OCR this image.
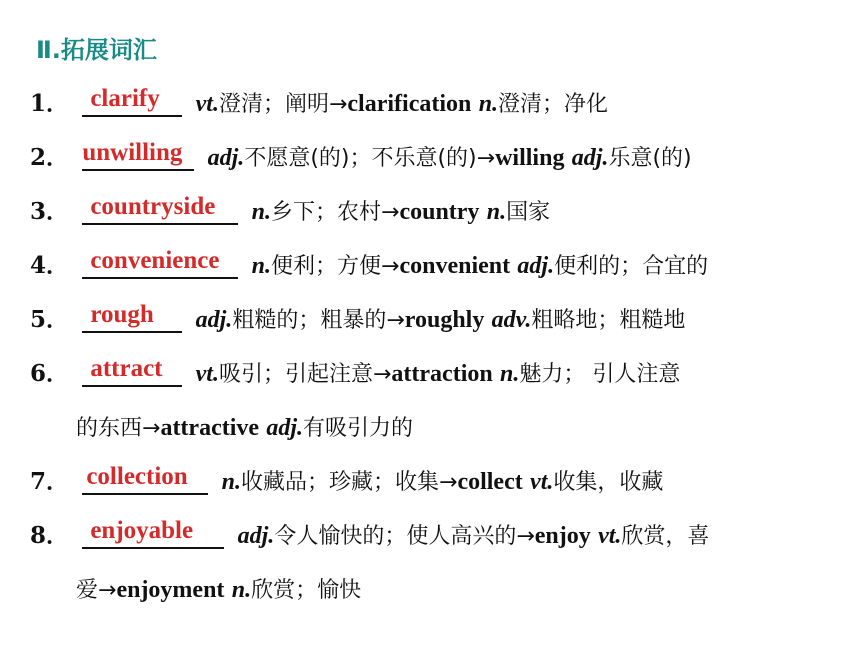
Ⅱ.拓展词汇
1． clarify vt.澄清；阐明→clarification n.澄清；净化
2． unwilling adj.不愿意(的)；不乐意(的)→willing adj.乐意(的)
3． countryside n.乡下；农村→country n.国家
4． convenience n.便利；方便→convenient adj.便利的；合宜的
5． rough adj.粗糙的；粗暴的→roughly adv.粗略地；粗糙地
6． attract vt.吸引；引起注意→attraction n.魅力； 引人注意
的东西→attractive adj.有吸引力的
7． collection n.收藏品；珍藏；收集→collect vt.收集，收藏
8． enjoyable adj.令人愉快的；使人高兴的→enjoy vt.欣赏，喜
爱→enjoyment n.欣赏；愉快
